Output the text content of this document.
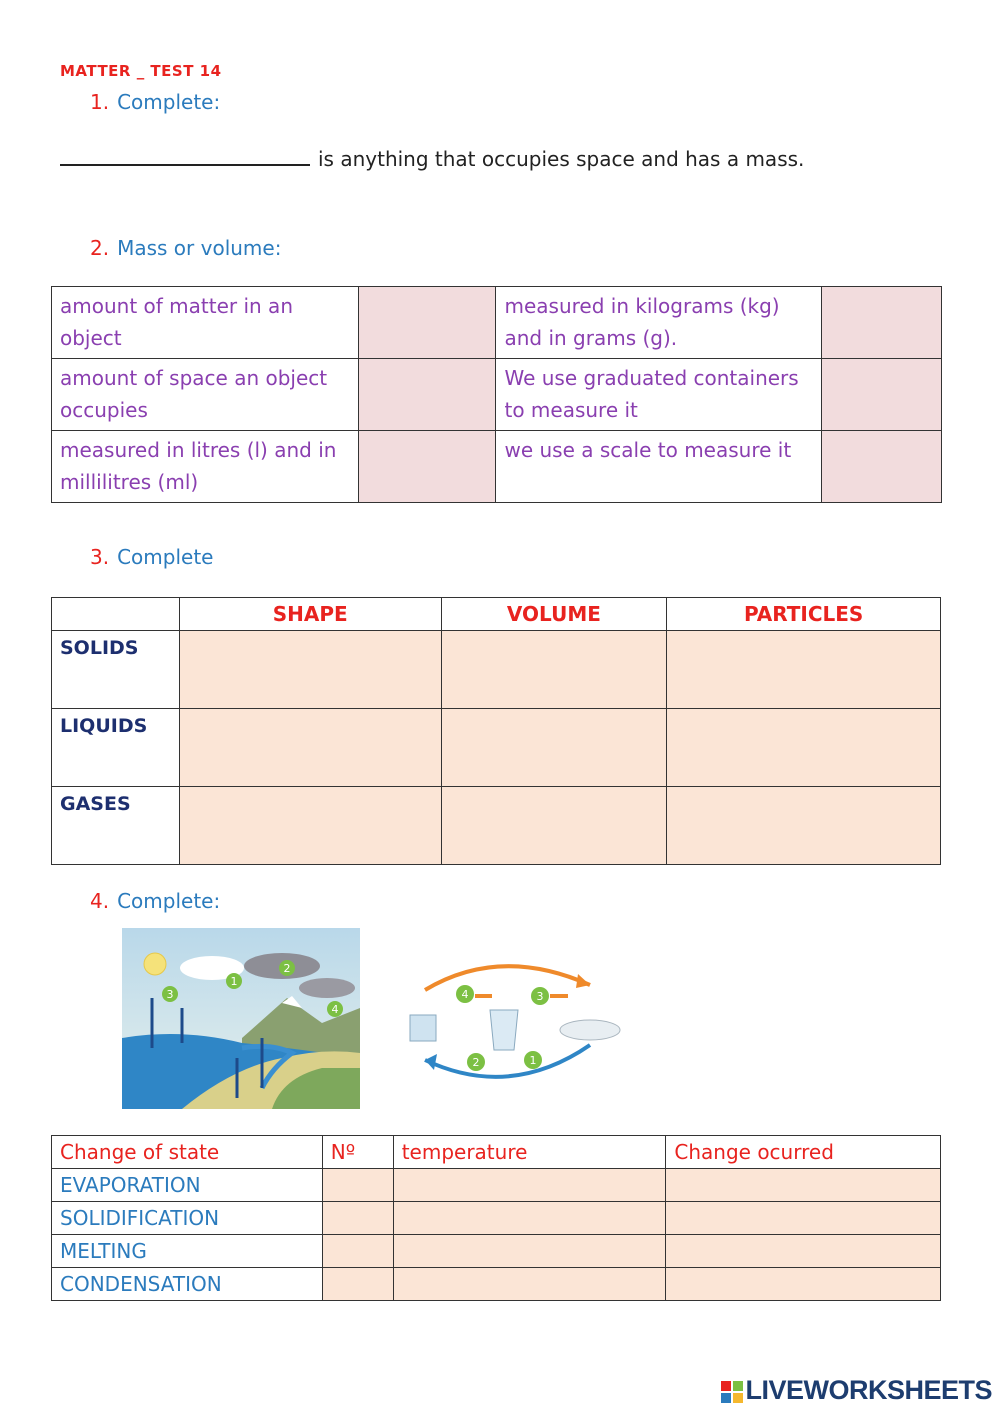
MATTER _ TEST 14
1. Complete:
is anything that occupies space and has a mass.
2. Mass or volume:
amount of matter in an object		measured in kilograms (kg) and in grams (g).	
amount of space an object occupies		We use graduated containers to measure it	
measured in litres (l) and in millilitres (ml)		we use a scale to measure it	
3. Complete
	SHAPE	VOLUME	PARTICLES
SOLIDS			
LIQUIDS			
GASES			
4. Complete:
1
2
3
4
4	3
2	1
Change of state	Nº	temperature	Change ocurred
EVAPORATION			
SOLIDIFICATION			
MELTING			
CONDENSATION			
LIVEWORKSHEETS
